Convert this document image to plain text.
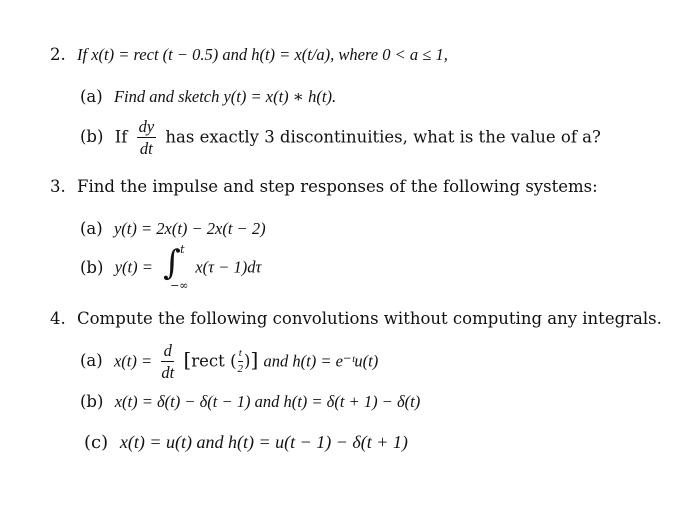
2. If x(t) = rect (t − 0.5) and h(t) = x(t/a), where 0 < a ≤ 1,
(a) Find and sketch y(t) = x(t) ∗ h(t).
(b) If $\frac{dy}{dt}$ has exactly 3 discontinuities, what is the value of a?
3. Find the impulse and step responses of the following systems:
(a) y(t) = 2x(t) − 2x(t − 2)
(b) y(t) = ∫ t
−∞
x(τ − 1)dτ
4. Compute the following convolutions without computing any integrals.
(a) $x(t) = \frac{d}{dt}$ [rect ( $\frac{t}{2}$ )] and h(t) = e⁻ᵗu(t)
(b) x(t) = δ(t) − δ(t − 1) and h(t) = δ(t + 1) − δ(t)
(c) x(t) = u(t) and h(t) = u(t − 1) − δ(t + 1)
